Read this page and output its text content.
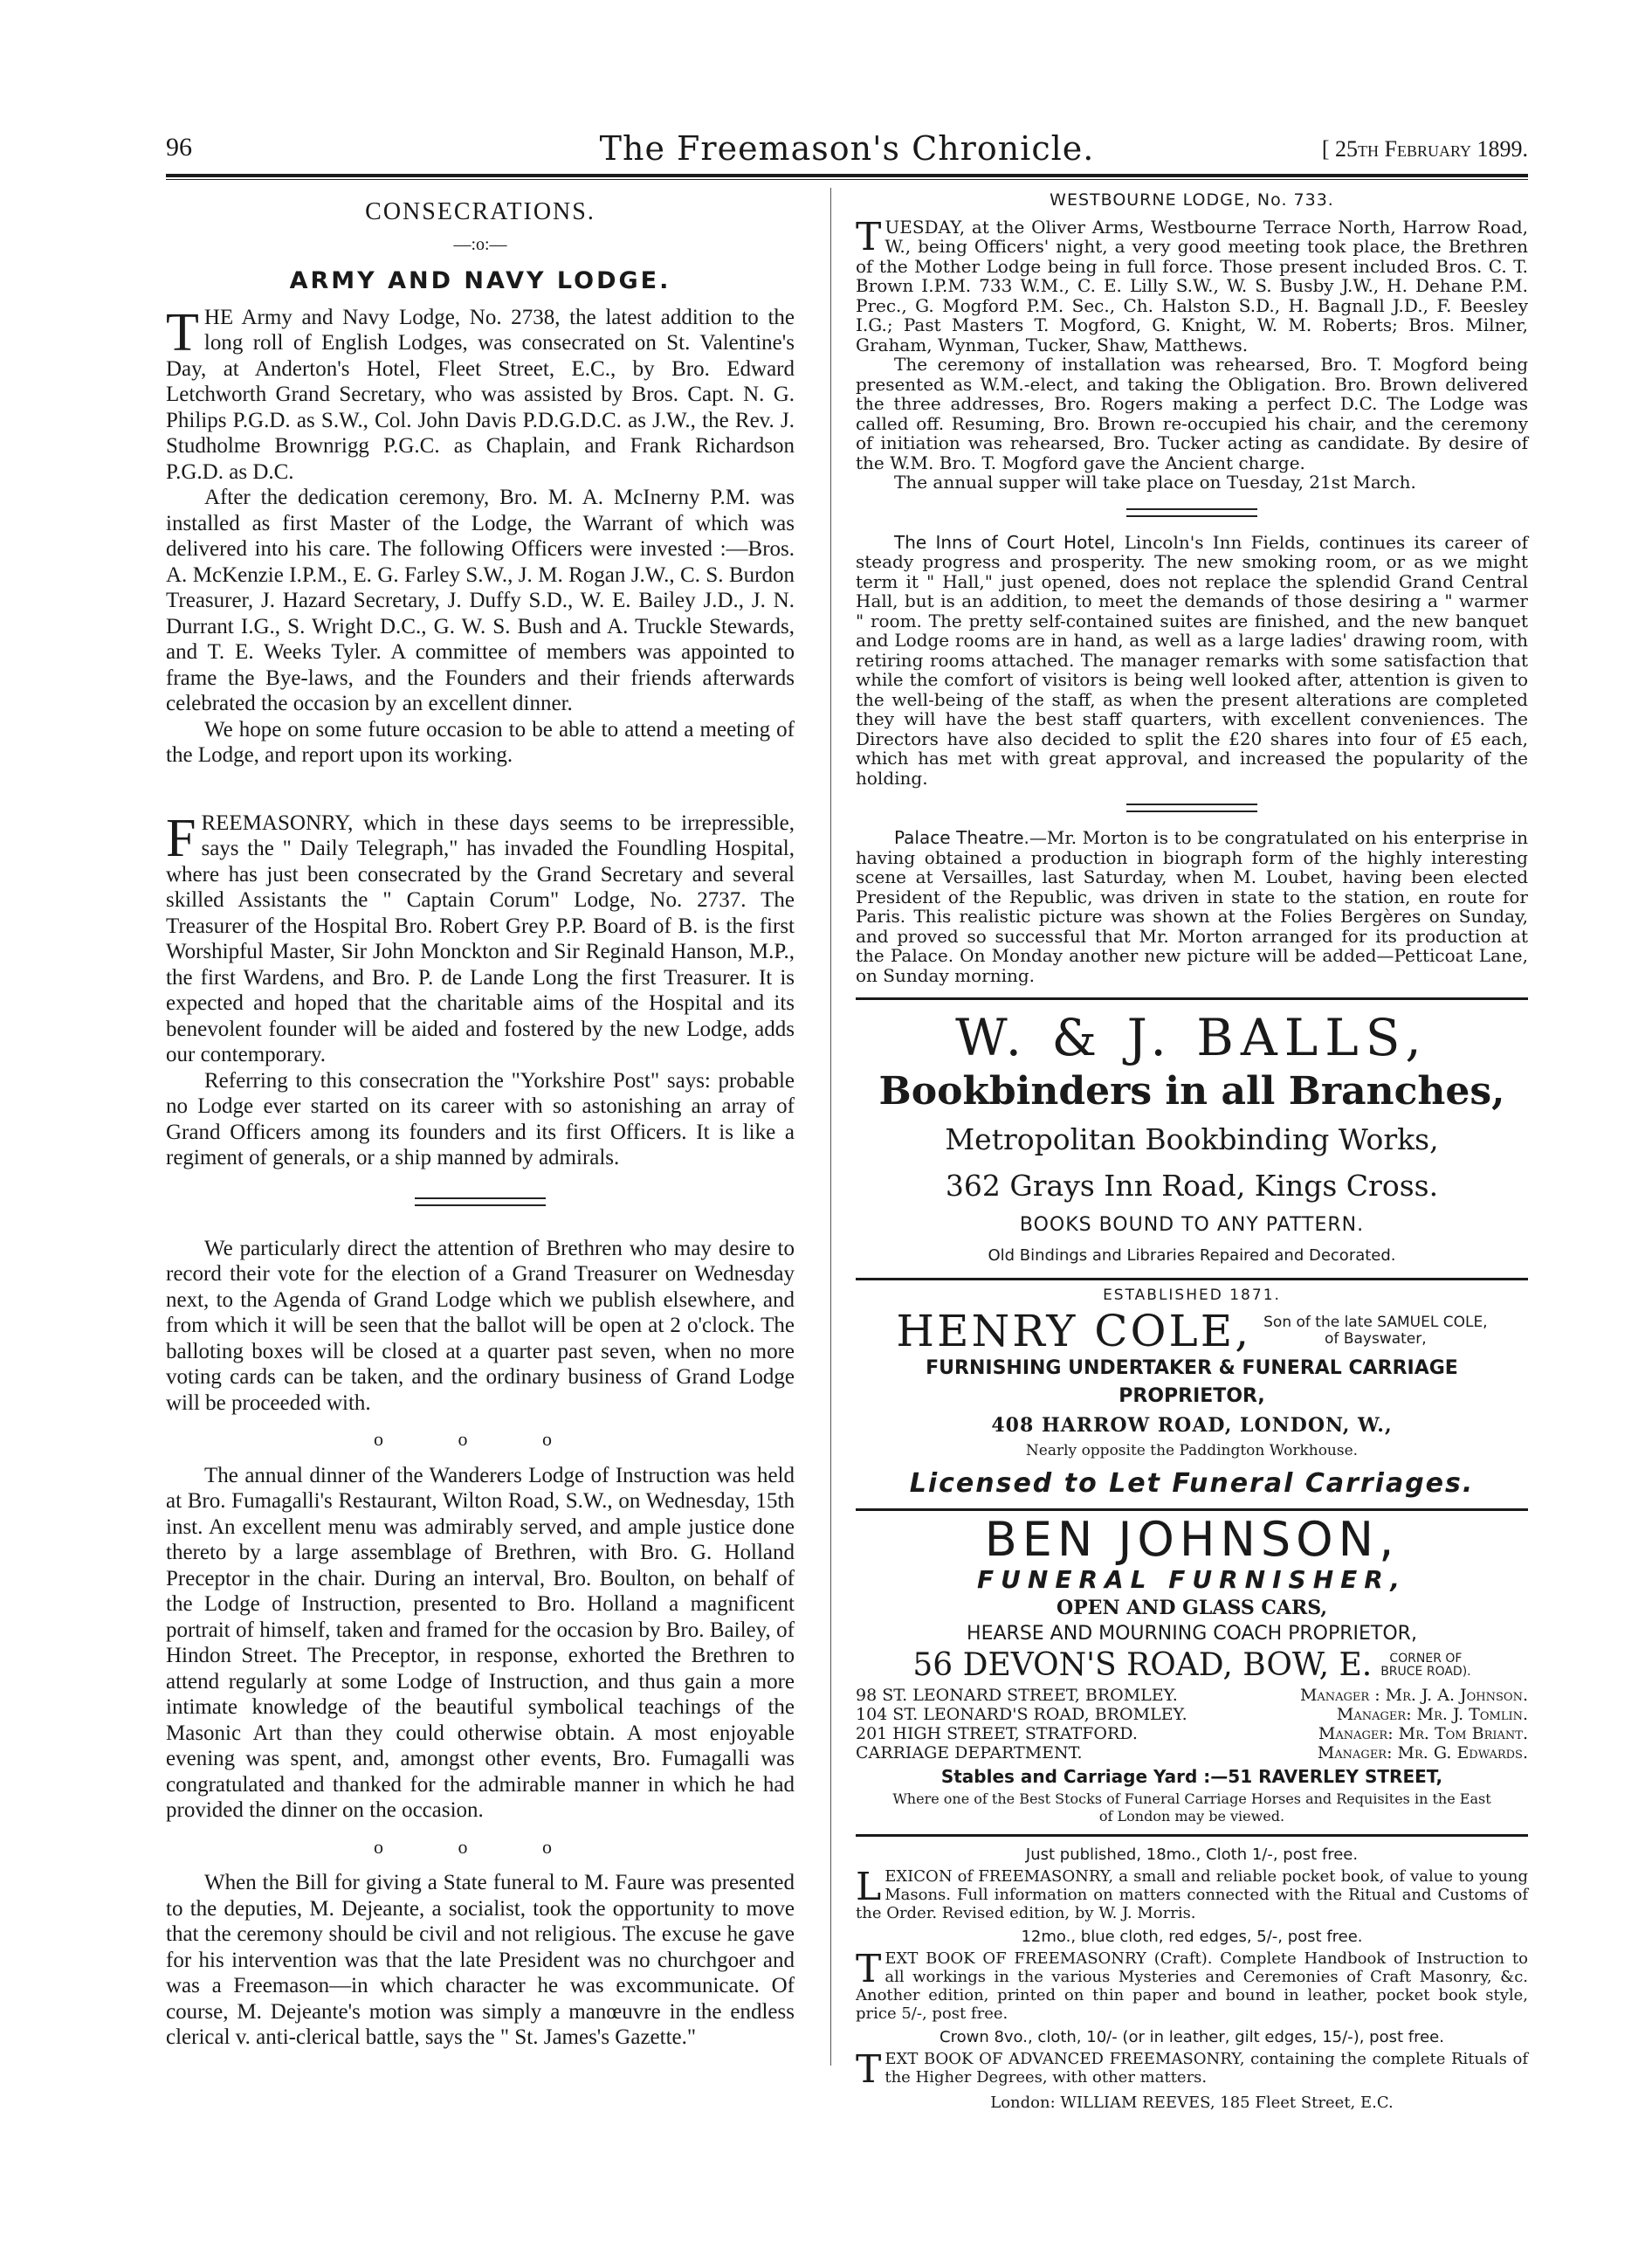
96	The Freemason's Chronicle.	[ 25th February 1899.
CONSECRATIONS.
—:o:—
ARMY AND NAVY LODGE.

THE Army and Navy Lodge, No. 2738, the latest addition to the long roll of English Lodges, was consecrated on St. Valentine's Day, at Anderton's Hotel, Fleet Street, E.C., by Bro. Edward Letchworth Grand Secretary, who was assisted by Bros. Capt. N. G. Philips P.G.D. as S.W., Col. John Davis P.D.G.D.C. as J.W., the Rev. J. Studholme Brownrigg P.G.C. as Chaplain, and Frank Richardson P.G.D. as D.C.

After the dedication ceremony, Bro. M. A. McInerny P.M. was installed as first Master of the Lodge, the Warrant of which was delivered into his care. The following Officers were invested :—Bros. A. McKenzie I.P.M., E. G. Farley S.W., J. M. Rogan J.W., C. S. Burdon Treasurer, J. Hazard Secretary, J. Duffy S.D., W. E. Bailey J.D., J. N. Durrant I.G., S. Wright D.C., G. W. S. Bush and A. Truckle Stewards, and T. E. Weeks Tyler. A committee of members was appointed to frame the Bye-laws, and the Founders and their friends afterwards celebrated the occasion by an excellent dinner.

We hope on some future occasion to be able to attend a meeting of the Lodge, and report upon its working.

FREEMASONRY, which in these days seems to be irrepressible, says the " Daily Telegraph," has invaded the Foundling Hospital, where has just been consecrated by the Grand Secretary and several skilled Assistants the " Captain Corum" Lodge, No. 2737. The Treasurer of the Hospital Bro. Robert Grey P.P. Board of B. is the first Worshipful Master, Sir John Monckton and Sir Reginald Hanson, M.P., the first Wardens, and Bro. P. de Lande Long the first Treasurer. It is expected and hoped that the charitable aims of the Hospital and its benevolent founder will be aided and fostered by the new Lodge, adds our contemporary.

Referring to this consecration the "Yorkshire Post" says: probable no Lodge ever started on its career with so astonishing an array of Grand Officers among its founders and its first Officers. It is like a regiment of generals, or a ship manned by admirals.

We particularly direct the attention of Brethren who may desire to record their vote for the election of a Grand Treasurer on Wednesday next, to the Agenda of Grand Lodge which we publish elsewhere, and from which it will be seen that the ballot will be open at 2 o'clock. The balloting boxes will be closed at a quarter past seven, when no more voting cards can be taken, and the ordinary business of Grand Lodge will be proceeded with.

o o o

The annual dinner of the Wanderers Lodge of Instruction was held at Bro. Fumagalli's Restaurant, Wilton Road, S.W., on Wednesday, 15th inst. An excellent menu was admirably served, and ample justice done thereto by a large assemblage of Brethren, with Bro. G. Holland Preceptor in the chair. During an interval, Bro. Boulton, on behalf of the Lodge of Instruction, presented to Bro. Holland a magnificent portrait of himself, taken and framed for the occasion by Bro. Bailey, of Hindon Street. The Preceptor, in response, exhorted the Brethren to attend regularly at some Lodge of Instruction, and thus gain a more intimate knowledge of the beautiful symbolical teachings of the Masonic Art than they could otherwise obtain. A most enjoyable evening was spent, and, amongst other events, Bro. Fumagalli was congratulated and thanked for the admirable manner in which he had provided the dinner on the occasion.

o o o

When the Bill for giving a State funeral to M. Faure was presented to the deputies, M. Dejeante, a socialist, took the opportunity to move that the ceremony should be civil and not religious. The excuse he gave for his intervention was that the late President was no churchgoer and was a Freemason—in which character he was excommunicate. Of course, M. Dejeante's motion was simply a manœuvre in the endless clerical v. anti-clerical battle, says the " St. James's Gazette."

WESTBOURNE LODGE, No. 733.

TUESDAY, at the Oliver Arms, Westbourne Terrace North, Harrow Road, W., being Officers' night, a very good meeting took place, the Brethren of the Mother Lodge being in full force. Those present included Bros. C. T. Brown I.P.M. 733 W.M., C. E. Lilly S.W., W. S. Busby J.W., H. Dehane P.M. Prec., G. Mogford P.M. Sec., Ch. Halston S.D., H. Bagnall J.D., F. Beesley I.G.; Past Masters T. Mogford, G. Knight, W. M. Roberts; Bros. Milner, Graham, Wynman, Tucker, Shaw, Matthews.

The ceremony of installation was rehearsed, Bro. T. Mogford being presented as W.M.-elect, and taking the Obligation. Bro. Brown delivered the three addresses, Bro. Rogers making a perfect D.C. The Lodge was called off. Resuming, Bro. Brown re-occupied his chair, and the ceremony of initiation was rehearsed, Bro. Tucker acting as candidate. By desire of the W.M. Bro. T. Mogford gave the Ancient charge.

The annual supper will take place on Tuesday, 21st March.

The Inns of Court Hotel, Lincoln's Inn Fields, continues its career of steady progress and prosperity. The new smoking room, or as we might term it " Hall," just opened, does not replace the splendid Grand Central Hall, but is an addition, to meet the demands of those desiring a " warmer " room. The pretty self-contained suites are finished, and the new banquet and Lodge rooms are in hand, as well as a large ladies' drawing room, with retiring rooms attached. The manager remarks with some satisfaction that while the comfort of visitors is being well looked after, attention is given to the well-being of the staff, as when the present alterations are completed they will have the best staff quarters, with excellent conveniences. The Directors have also decided to split the £20 shares into four of £5 each, which has met with great approval, and increased the popularity of the holding.

Palace Theatre.—Mr. Morton is to be congratulated on his enterprise in having obtained a production in biograph form of the highly interesting scene at Versailles, last Saturday, when M. Loubet, having been elected President of the Republic, was driven in state to the station, en route for Paris. This realistic picture was shown at the Folies Bergères on Sunday, and proved so successful that Mr. Morton arranged for its production at the Palace. On Monday another new picture will be added—Petticoat Lane, on Sunday morning.

W. & J. BALLS,
Bookbinders in all Branches,
Metropolitan Bookbinding Works,
362 Grays Inn Road, Kings Cross.
BOOKS BOUND TO ANY PATTERN.
Old Bindings and Libraries Repaired and Decorated.
ESTABLISHED 1871.
HENRY COLE, Son of the late SAMUEL COLE,
of Bayswater,
FURNISHING UNDERTAKER & FUNERAL CARRIAGE PROPRIETOR,
408 HARROW ROAD, LONDON, W.,
Nearly opposite the Paddington Workhouse.
Licensed to Let Funeral Carriages.
BEN JOHNSON,
FUNERAL FURNISHER,
OPEN AND GLASS CARS,
HEARSE AND MOURNING COACH PROPRIETOR,
56 DEVON'S ROAD, BOW, E.	CORNER OF
BRUCE ROAD).
98 ST. LEONARD STREET, BROMLEY.	Manager : Mr. J. A. Johnson.
104 ST. LEONARD'S ROAD, BROMLEY.	Manager: Mr. J. Tomlin.
201 HIGH STREET, STRATFORD.	Manager: Mr. Tom Briant.
CARRIAGE DEPARTMENT.	Manager: Mr. G. Edwards.
Stables and Carriage Yard :—51 RAVERLEY STREET,
Where one of the Best Stocks of Funeral Carriage Horses and Requisites in the East of London may be viewed.
Just published, 18mo., Cloth 1/-, post free.

LEXICON of FREEMASONRY, a small and reliable pocket book, of value to young Masons. Full information on matters connected with the Ritual and Customs of the Order. Revised edition, by W. J. Morris.

12mo., blue cloth, red edges, 5/-, post free.

TEXT BOOK OF FREEMASONRY (Craft). Complete Handbook of Instruction to all workings in the various Mysteries and Ceremonies of Craft Masonry, &c. Another edition, printed on thin paper and bound in leather, pocket book style, price 5/-, post free.

Crown 8vo., cloth, 10/- (or in leather, gilt edges, 15/-), post free.

TEXT BOOK OF ADVANCED FREEMASONRY, containing the complete Rituals of the Higher Degrees, with other matters.

London: WILLIAM REEVES, 185 Fleet Street, E.C.
